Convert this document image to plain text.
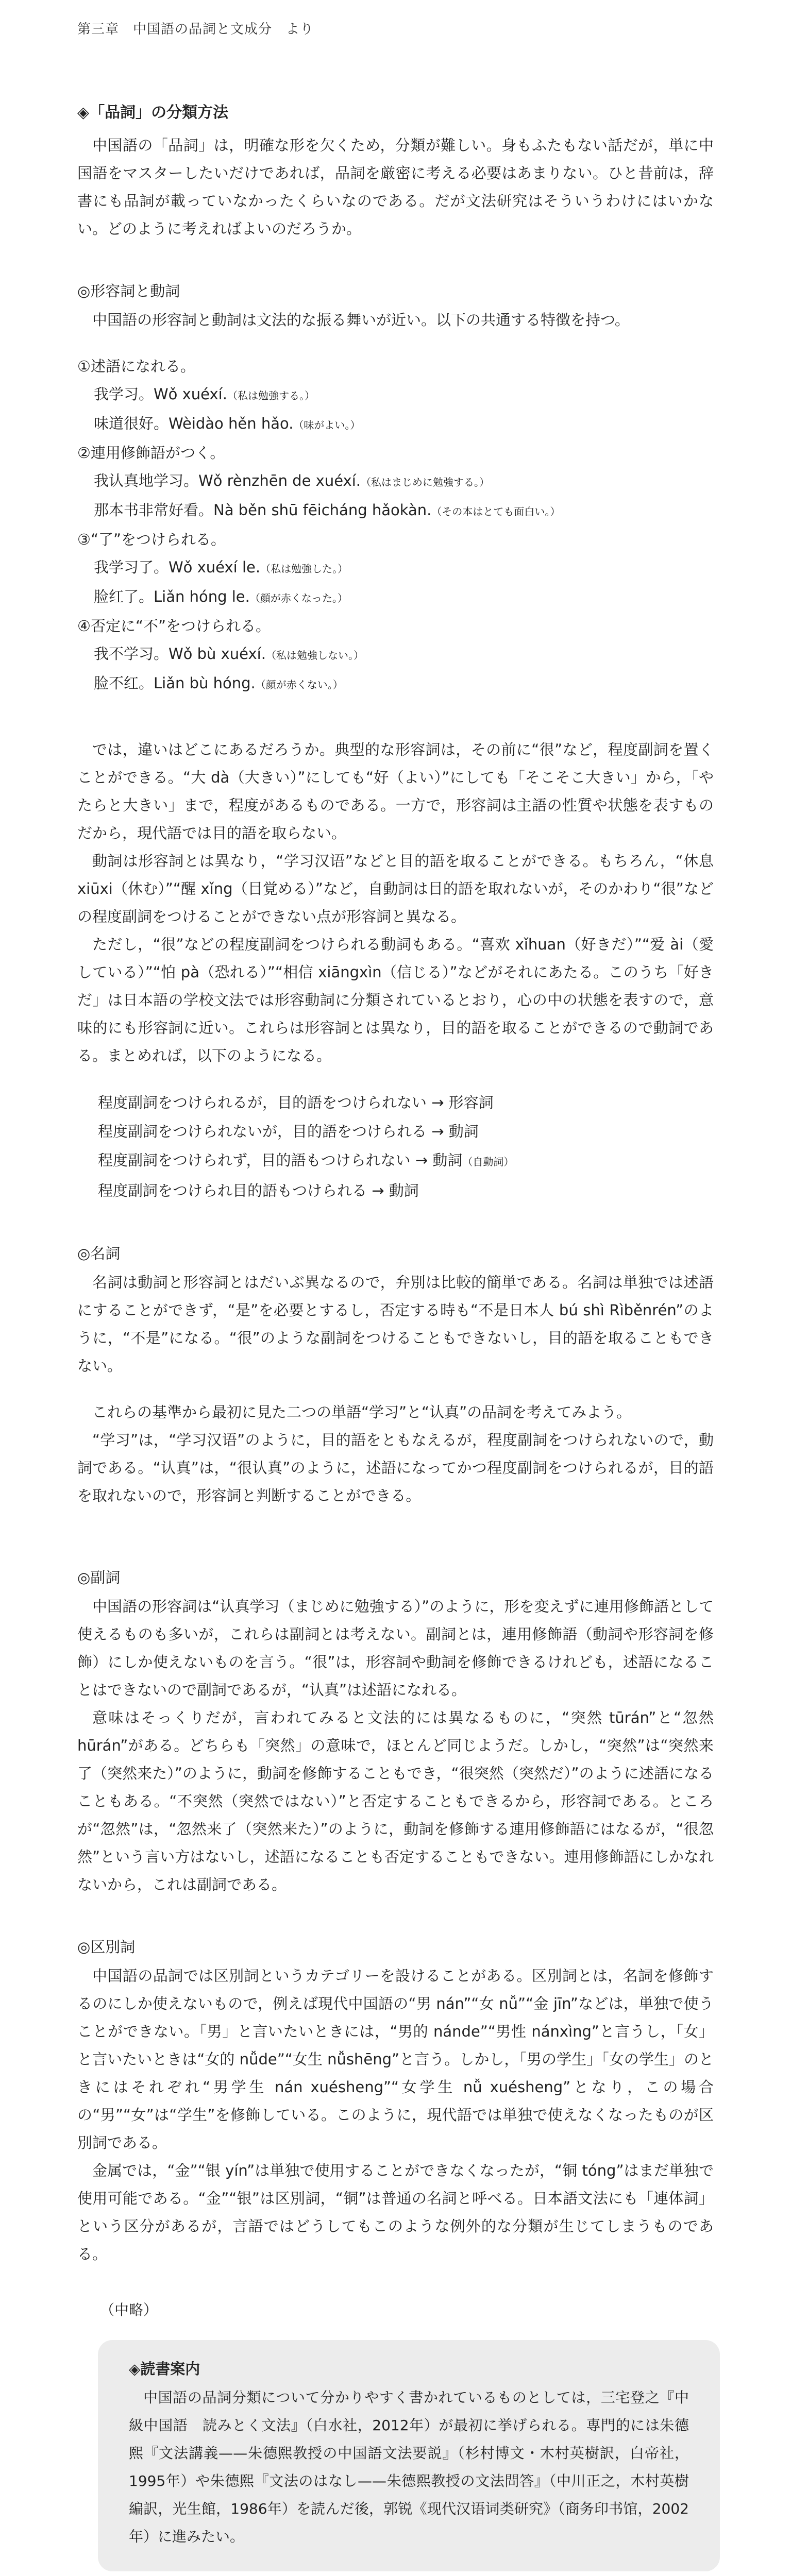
第三章　中国語の品詞と文成分　より
◈「品詞」の分類方法

中国語の「品詞」は，明確な形を欠くため，分類が難しい。身もふたもない話だが，単に中国語をマスターしたいだけであれば，品詞を厳密に考える必要はあまりない。ひと昔前は，辞書にも品詞が載っていなかったくらいなのである。だが文法研究はそういうわけにはいかない。どのように考えればよいのだろうか。

◎形容詞と動詞

中国語の形容詞と動詞は文法的な振る舞いが近い。以下の共通する特徴を持つ。

①述語になれる。
我学习。Wǒ xuéxí.（私は勉強する。）
味道很好。Wèidào hěn hǎo.（味がよい。）
②連用修飾語がつく。
我认真地学习。Wǒ rènzhēn de xuéxí.（私はまじめに勉強する。）
那本书非常好看。Nà běn shū fēicháng hǎokàn.（その本はとても面白い。）
③“了”をつけられる。
我学习了。Wǒ xuéxí le.（私は勉強した。）
脸红了。Liǎn hóng le.（顔が赤くなった。）
④否定に“不”をつけられる。
我不学习。Wǒ bù xuéxí.（私は勉強しない。）
脸不红。Liǎn bù hóng.（顔が赤くない。）

では，違いはどこにあるだろうか。典型的な形容詞は，その前に“很”など，程度副詞を置くことができる。“大 dà（大きい）”にしても“好（よい）”にしても「そこそこ大きい」から，「やたらと大きい」まで，程度があるものである。一方で，形容詞は主語の性質や状態を表すものだから，現代語では目的語を取らない。

動詞は形容詞とは異なり，“学习汉语”などと目的語を取ることができる。もちろん，“休息 xiūxi（休む）”“醒 xǐng（目覚める）”など，自動詞は目的語を取れないが，そのかわり“很”などの程度副詞をつけることができない点が形容詞と異なる。

ただし，“很”などの程度副詞をつけられる動詞もある。“喜欢 xǐhuan（好きだ）”“爱 ài（愛している）”“怕 pà（恐れる）”“相信 xiāngxìn（信じる）”などがそれにあたる。このうち「好きだ」は日本語の学校文法では形容動詞に分類されているとおり，心の中の状態を表すので，意味的にも形容詞に近い。これらは形容詞とは異なり，目的語を取ることができるので動詞である。まとめれば，以下のようになる。

程度副詞をつけられるが，目的語をつけられない → 形容詞
程度副詞をつけられないが，目的語をつけられる → 動詞
程度副詞をつけられず，目的語もつけられない → 動詞（自動詞）
程度副詞をつけられ目的語もつけられる → 動詞
◎名詞

名詞は動詞と形容詞とはだいぶ異なるので，弁別は比較的簡単である。名詞は単独では述語にすることができず，“是”を必要とするし，否定する時も“不是日本人 bú shì Rìběnrén”のように，“不是”になる。“很”のような副詞をつけることもできないし，目的語を取ることもできない。

これらの基準から最初に見た二つの単語“学习”と“认真”の品詞を考えてみよう。

“学习”は，“学习汉语”のように，目的語をともなえるが，程度副詞をつけられないので，動詞である。“认真”は，“很认真”のように，述語になってかつ程度副詞をつけられるが，目的語を取れないので，形容詞と判断することができる。

◎副詞

中国語の形容詞は“认真学习（まじめに勉強する）”のように，形を変えずに連用修飾語として使えるものも多いが，これらは副詞とは考えない。副詞とは，連用修飾語（動詞や形容詞を修飾）にしか使えないものを言う。“很”は，形容詞や動詞を修飾できるけれども，述語になることはできないので副詞であるが，“认真”は述語になれる。

意味はそっくりだが，言われてみると文法的には異なるものに，“突然 tūrán”と“忽然 hūrán”がある。どちらも「突然」の意味で，ほとんど同じようだ。しかし，“突然”は“突然来了（突然来た）”のように，動詞を修飾することもでき，“很突然（突然だ）”のように述語になることもある。“不突然（突然ではない）”と否定することもできるから，形容詞である。ところが“忽然”は，“忽然来了（突然来た）”のように，動詞を修飾する連用修飾語にはなるが，“很忽然”という言い方はないし，述語になることも否定することもできない。連用修飾語にしかなれないから，これは副詞である。

◎区別詞

中国語の品詞では区別詞というカテゴリーを設けることがある。区別詞とは，名詞を修飾するのにしか使えないもので，例えば現代中国語の“男 nán”“女 nǚ”“金 jīn”などは，単独で使うことができない。「男」と言いたいときには，“男的 nánde”“男性 nánxìng”と言うし，「女」と言いたいときは“女的 nǚde”“女生 nǚshēng”と言う。しかし，「男の学生」「女の学生」のときにはそれぞれ“男学生 nán xuésheng”“女学生 nǚ xuésheng”となり，この場合の“男”“女”は“学生”を修飾している。このように，現代語では単独で使えなくなったものが区別詞である。

金属では，“金”“银 yín”は単独で使用することができなくなったが，“铜 tóng”はまだ単独で使用可能である。“金”“银”は区別詞，“铜”は普通の名詞と呼べる。日本語文法にも「連体詞」という区分があるが，言語ではどうしてもこのような例外的な分類が生じてしまうものである。

（中略）
◈読書案内

中国語の品詞分類について分かりやすく書かれているものとしては，三宅登之『中級中国語　読みとく文法』（白水社，2012年）が最初に挙げられる。専門的には朱德熙『文法講義——朱德熙教授の中国語文法要説』（杉村博文・木村英樹訳，白帝社，1995年）や朱德熙『文法のはなし——朱德熙教授の文法問答』（中川正之，木村英樹編訳，光生館，1986年）を読んだ後，郭锐《现代汉语词类研究》（商务印书馆，2002年）に進みたい。
